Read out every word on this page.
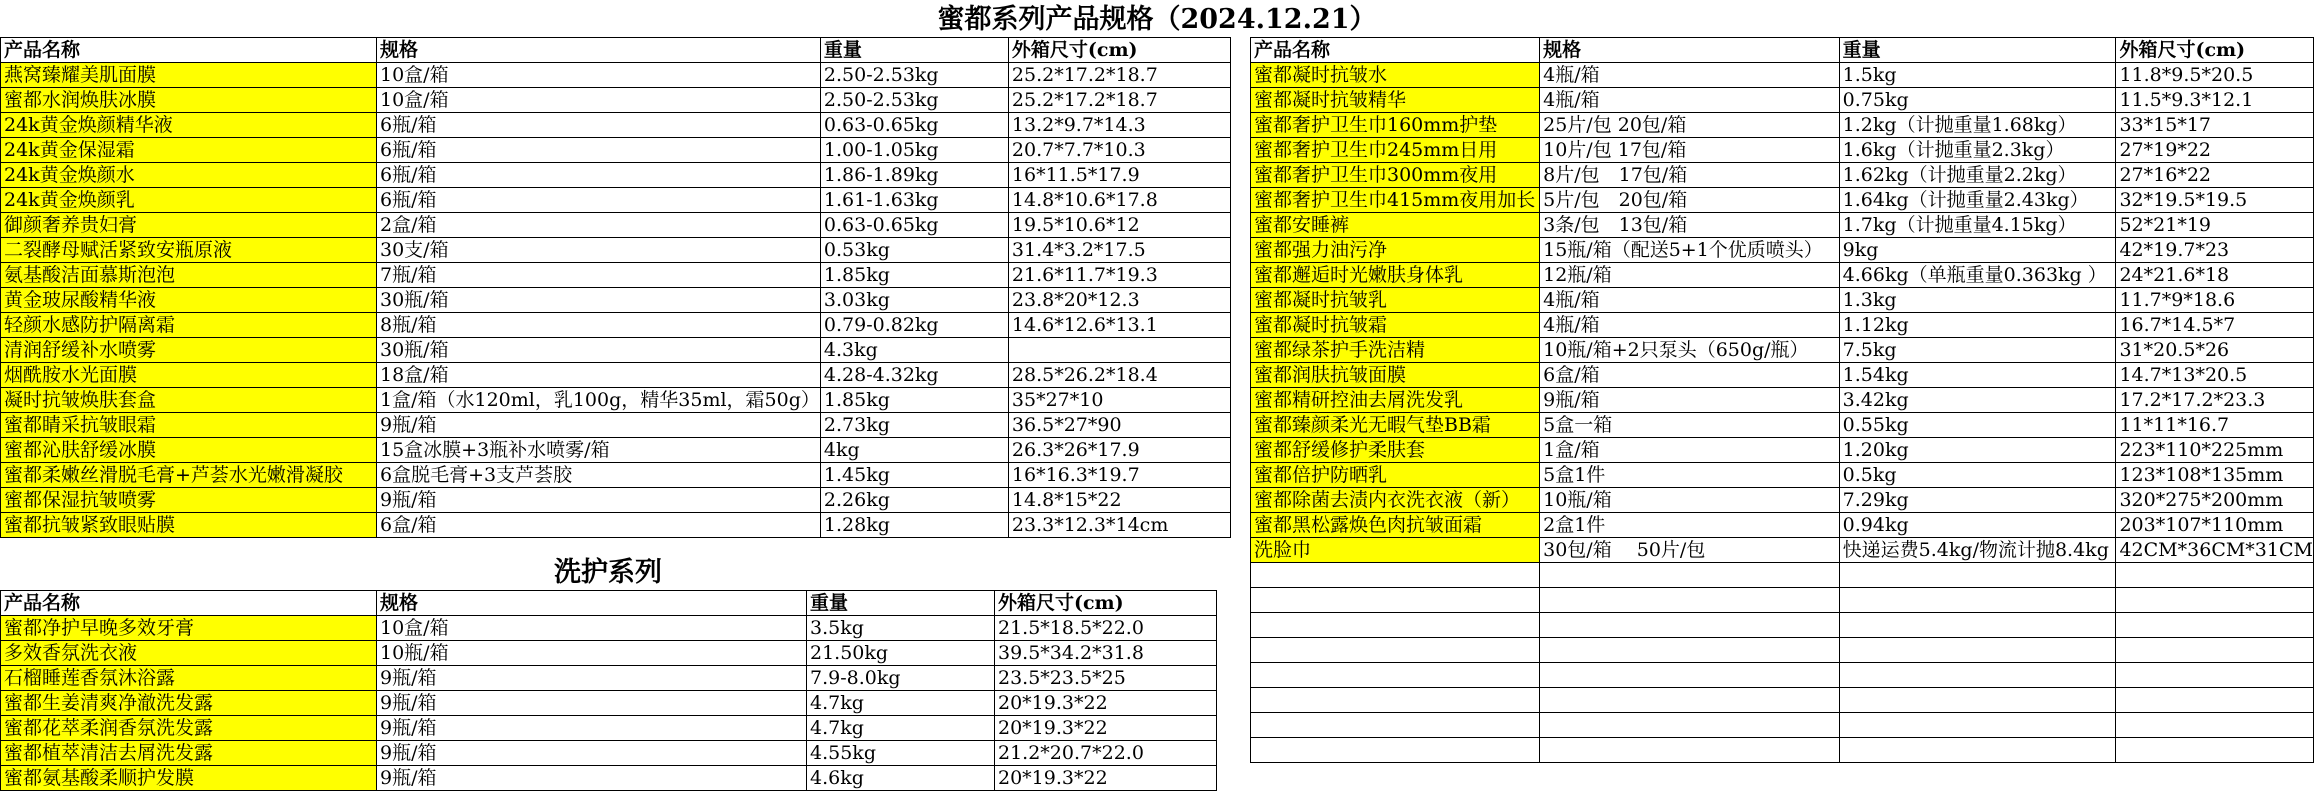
蜜都系列产品规格（2024.12.21）
产品名称	规格	重量	外箱尺寸(cm)
燕窝臻耀美肌面膜	10盒/箱	2.50-2.53kg	25.2*17.2*18.7
蜜都水润焕肤冰膜	10盒/箱	2.50-2.53kg	25.2*17.2*18.7
24k黄金焕颜精华液	6瓶/箱	0.63-0.65kg	13.2*9.7*14.3
24k黄金保湿霜	6瓶/箱	1.00-1.05kg	20.7*7.7*10.3
24k黄金焕颜水	6瓶/箱	1.86-1.89kg	16*11.5*17.9
24k黄金焕颜乳	6瓶/箱	1.61-1.63kg	14.8*10.6*17.8
御颜奢养贵妇膏	2盒/箱	0.63-0.65kg	19.5*10.6*12
二裂酵母赋活紧致安瓶原液	30支/箱	0.53kg	31.4*3.2*17.5
氨基酸洁面慕斯泡泡	7瓶/箱	1.85kg	21.6*11.7*19.3
黄金玻尿酸精华液	30瓶/箱	3.03kg	23.8*20*12.3
轻颜水感防护隔离霜	8瓶/箱	0.79-0.82kg	14.6*12.6*13.1
清润舒缓补水喷雾	30瓶/箱	4.3kg	
烟酰胺水光面膜	18盒/箱	4.28-4.32kg	28.5*26.2*18.4
凝时抗皱焕肤套盒	1盒/箱（水120ml，乳100g，精华35ml，霜50g）	1.85kg	35*27*10
蜜都睛采抗皱眼霜	9瓶/箱	2.73kg	36.5*27*90
蜜都沁肤舒缓冰膜	15盒冰膜+3瓶补水喷雾/箱	4kg	26.3*26*17.9
蜜都柔嫩丝滑脱毛膏+芦荟水光嫩滑凝胶	6盒脱毛膏+3支芦荟胶	1.45kg	16*16.3*19.7
蜜都保湿抗皱喷雾	9瓶/箱	2.26kg	14.8*15*22
蜜都抗皱紧致眼贴膜	6盒/箱	1.28kg	23.3*12.3*14cm
洗护系列
产品名称	规格	重量	外箱尺寸(cm)
蜜都净护早晚多效牙膏	10盒/箱	3.5kg	21.5*18.5*22.0
多效香氛洗衣液	10瓶/箱	21.50kg	39.5*34.2*31.8
石榴睡莲香氛沐浴露	9瓶/箱	7.9-8.0kg	23.5*23.5*25
蜜都生姜清爽净澈洗发露	9瓶/箱	4.7kg	20*19.3*22
蜜都花萃柔润香氛洗发露	9瓶/箱	4.7kg	20*19.3*22
蜜都植萃清洁去屑洗发露	9瓶/箱	4.55kg	21.2*20.7*22.0
蜜都氨基酸柔顺护发膜	9瓶/箱	4.6kg	20*19.3*22
产品名称	规格	重量	外箱尺寸(cm)
蜜都凝时抗皱水	4瓶/箱	1.5kg	11.8*9.5*20.5
蜜都凝时抗皱精华	4瓶/箱	0.75kg	11.5*9.3*12.1
蜜都奢护卫生巾160mm护垫	25片/包 20包/箱	1.2kg（计抛重量1.68kg）	33*15*17
蜜都奢护卫生巾245mm日用	10片/包 17包/箱	1.6kg（计抛重量2.3kg）	27*19*22
蜜都奢护卫生巾300mm夜用	8片/包　17包/箱	1.62kg（计抛重量2.2kg）	27*16*22
蜜都奢护卫生巾415mm夜用加长	5片/包　20包/箱	1.64kg（计抛重量2.43kg）	32*19.5*19.5
蜜都安睡裤	3条/包　13包/箱	1.7kg（计抛重量4.15kg）	52*21*19
蜜都强力油污净	15瓶/箱（配送5+1个优质喷头）	9kg	42*19.7*23
蜜都邂逅时光嫩肤身体乳	12瓶/箱	4.66kg（单瓶重量0.363kg ）	24*21.6*18
蜜都凝时抗皱乳	4瓶/箱	1.3kg	11.7*9*18.6
蜜都凝时抗皱霜	4瓶/箱	1.12kg	16.7*14.5*7
蜜都绿茶护手洗洁精	10瓶/箱+2只泵头（650g/瓶）	7.5kg	31*20.5*26
蜜都润肤抗皱面膜	6盒/箱	1.54kg	14.7*13*20.5
蜜都精研控油去屑洗发乳	9瓶/箱	3.42kg	17.2*17.2*23.3
蜜都臻颜柔光无暇气垫BB霜	5盒一箱	0.55kg	11*11*16.7
蜜都舒缓修护柔肤套	1盒/箱	1.20kg	223*110*225mm
蜜都倍护防晒乳	5盒1件	0.5kg	123*108*135mm
蜜都除菌去渍内衣洗衣液（新）	10瓶/箱	7.29kg	320*275*200mm
蜜都黑松露焕色肉抗皱面霜	2盒1件	0.94kg	203*107*110mm
洗脸巾	30包/箱　 50片/包	快递运费5.4kg/物流计抛8.4kg	42CM*36CM*31CM
